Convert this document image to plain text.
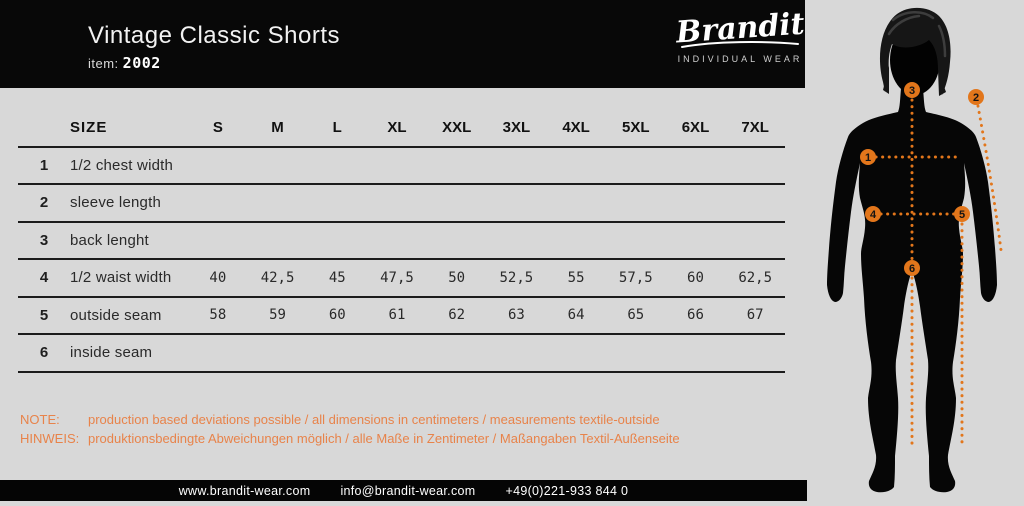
Vintage Classic Shorts
item: 2002
Brandit
INDIVIDUAL WEAR
SIZE	S	M	L	XL	XXL	3XL	4XL	5XL	6XL	7XL
1	1/2 chest width
2	sleeve length
3	back lenght
4	1/2 waist width	40	42,5	45	47,5	50	52,5	55	57,5	60	62,5
5	outside seam	58	59	60	61	62	63	64	65	66	67
6	inside seam
NOTE:	production based deviations possible / all dimensions in centimeters / measurements textile-outside
HINWEIS: produktionsbedingte Abweichungen möglich / alle Maße in Zentimeter / Maßangaben Textil-Außenseite
www.brandit-wear.com info@brandit-wear.com +49(0)221-933 844 0
1
2
3
4	5
6
